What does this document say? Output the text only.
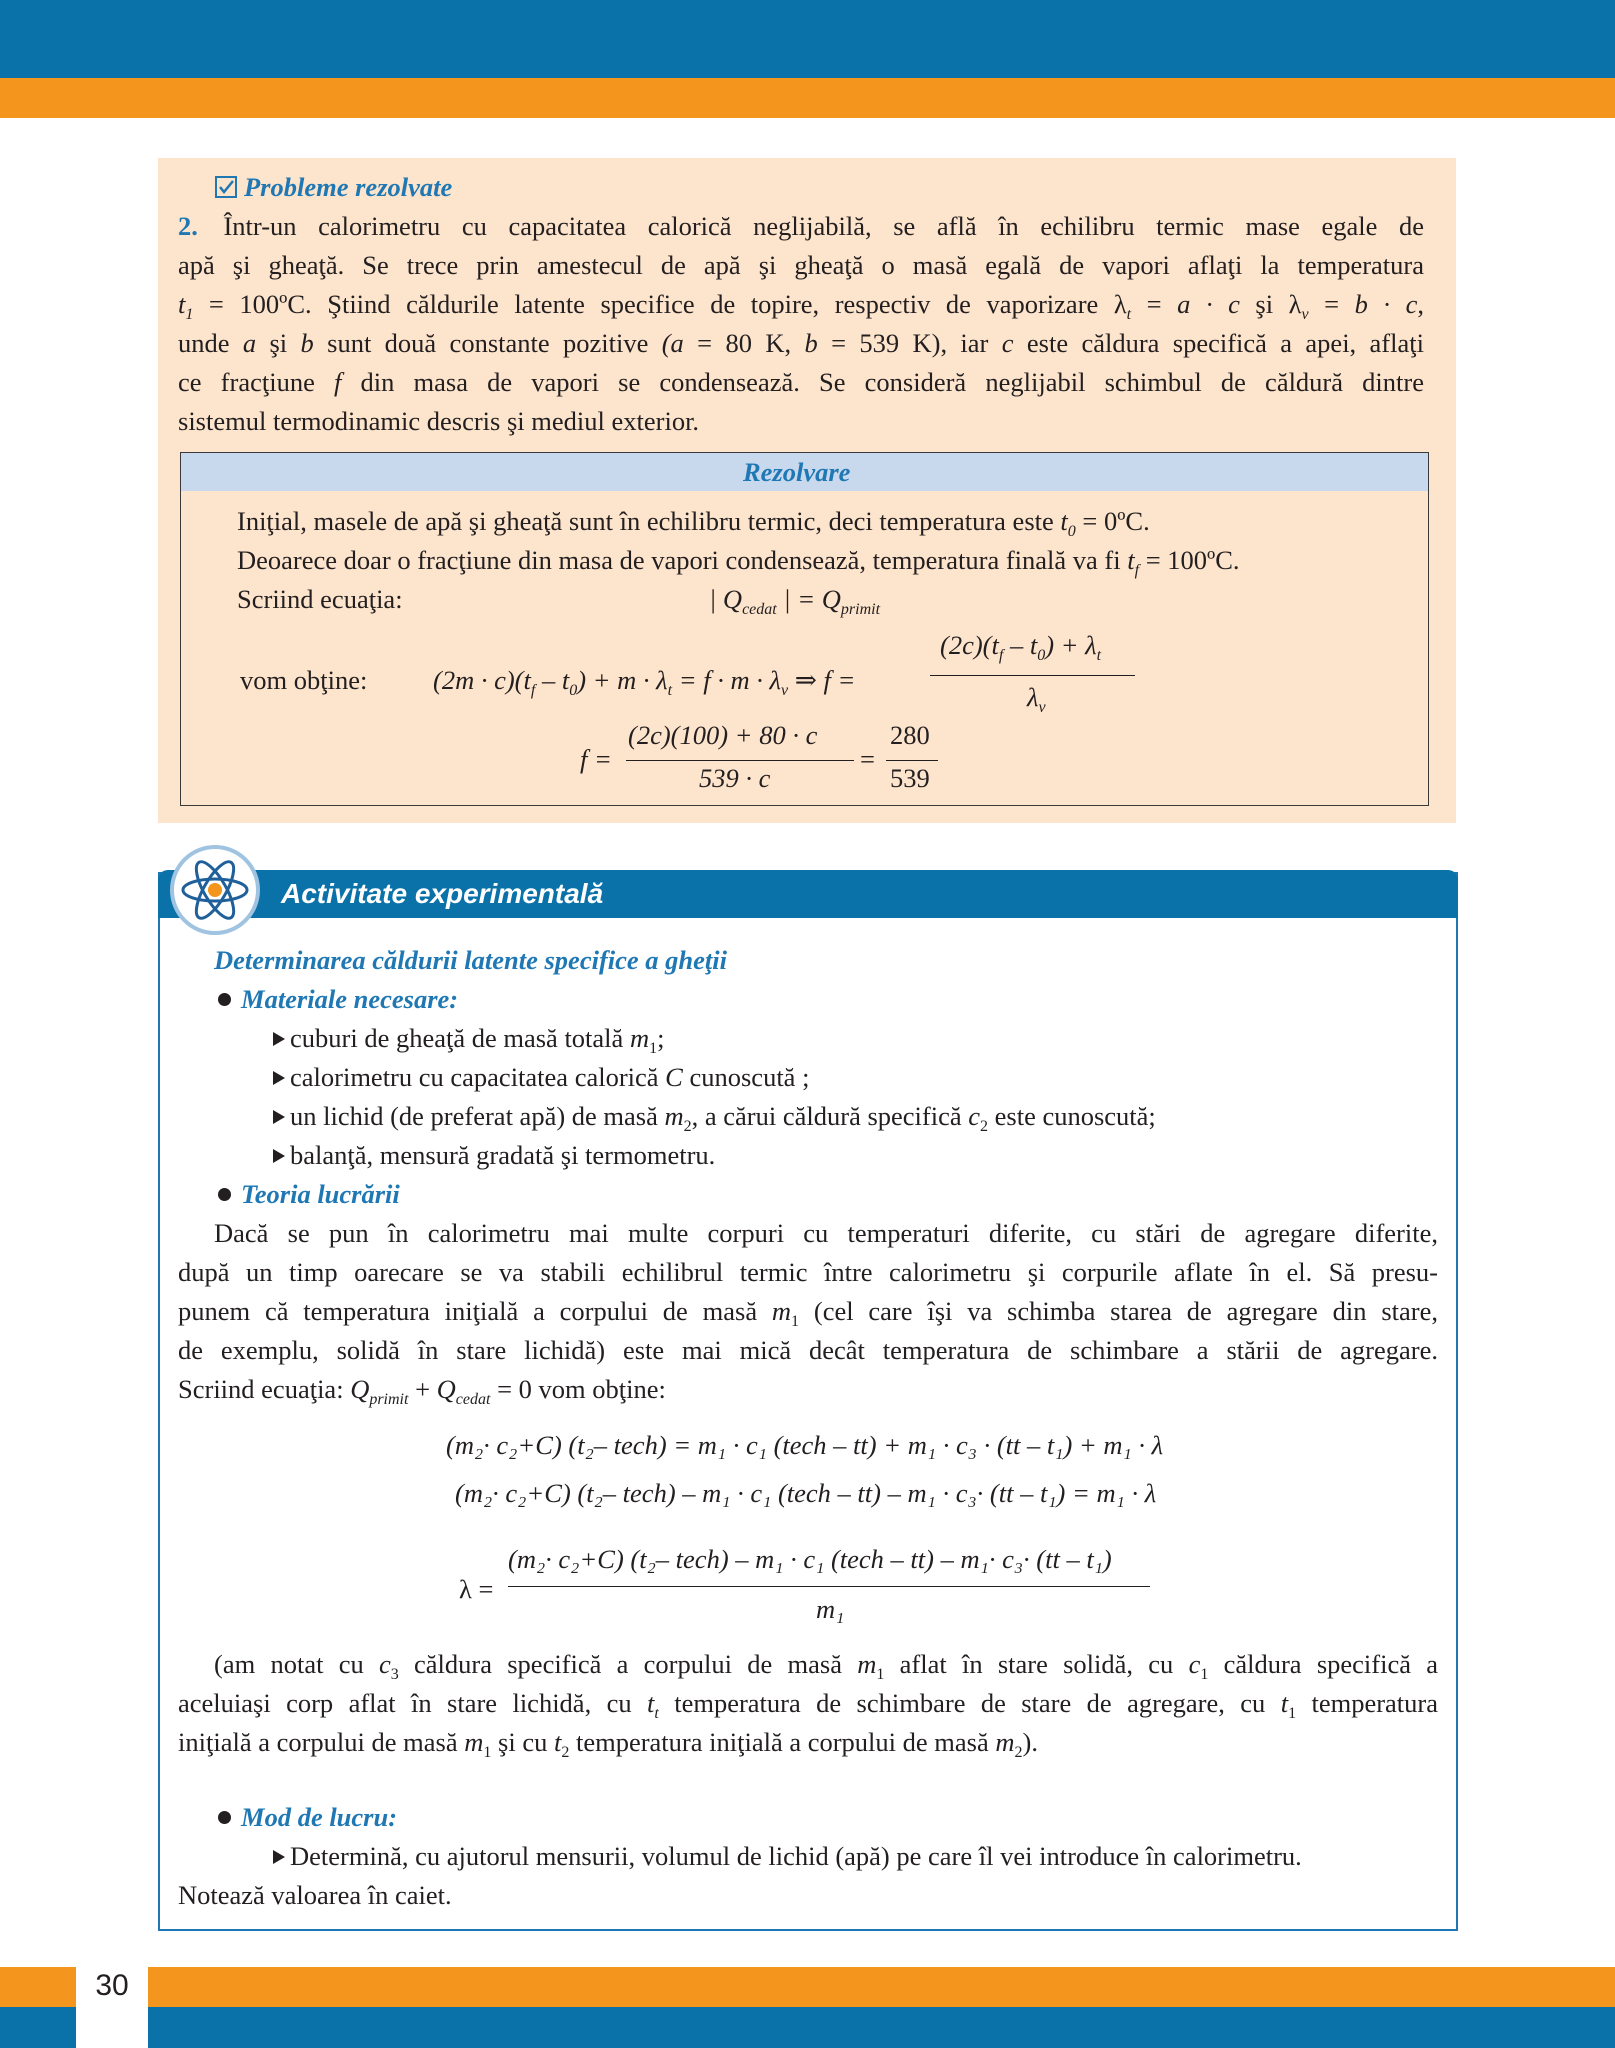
30
Probleme rezolvate
2. Într-un calorimetru cu capacitatea calorică neglijabilă, se află în echilibru termic mase egale de
apă şi gheaţă. Se trece prin amestecul de apă şi gheaţă o masă egală de vapori aflaţi la temperatura
$t_1$ = 100ºC. Ştiind căldurile latente specifice de topire, respectiv de vaporizare $\lambda_t = a \cdot c$ şi $\lambda_v = b \cdot c$,
unde a şi b sunt două constante pozitive (a = 80 K, b = 539 K), iar c este căldura specifică a apei, aflaţi
ce fracţiune f din masa de vapori se condensează. Se consideră neglijabil schimbul de căldură dintre
sistemul termodinamic descris şi mediul exterior.
Rezolvare
Iniţial, masele de apă şi gheaţă sunt în echilibru termic, deci temperatura este $t_0$ = 0ºC.
Deoarece doar o fracţiune din masa de vapori condensează, temperatura finală va fi $t_f$ = 100ºC.
Scriind ecuaţia:	| $Q_{cedat}$ | = $Q_{primit}$
vom obţine: $(2m \cdot c)(t_f - t_0) + m \cdot \lambda_t = f \cdot m \cdot \lambda_v$ ⇒ f =
$(2c)(t_f - t_0) + \lambda_t$
$\lambda_v$
f =
(2c)(100) + 80 · c
539 · c
=
280
539
Activitate experimentală
Determinarea căldurii latente specifice a gheţii
Materiale necesare:
cuburi de gheaţă de masă totală $m_1$;
calorimetru cu capacitatea calorică C cunoscută ;
un lichid (de preferat apă) de masă $m_2$, a cărui căldură specifică $c_2$ este cunoscută;
balanţă, mensură gradată şi termometru.
Teoria lucrării
Dacă se pun în calorimetru mai multe corpuri cu temperaturi diferite, cu stări de agregare diferite,
după un timp oarecare se va stabili echilibrul termic între calorimetru şi corpurile aflate în el. Să presu-
punem că temperatura iniţială a corpului de masă $m_1$ (cel care îşi va schimba starea de agregare din stare,
de exemplu, solidă în stare lichidă) este mai mică decât temperatura de schimbare a stării de agregare.
Scriind ecuaţia: $Q_{primit} + Q_{cedat} = 0$ vom obţine:
(m₂· c₂+C) (t₂– tech) = m₁ · c₁ (tech – tt) + m₁ · c₃ · (tt – t₁) + m₁ · λ
(m₂· c₂+C) (t₂– tech) – m₁ · c₁ (tech – tt) – m₁ · c₃· (tt – t₁) = m₁ · λ
λ =
(m₂· c₂+C) (t₂– tech) – m₁ · c₁ (tech – tt) – m₁· c₃· (tt – t₁)
m₁
(am notat cu $c_3$ căldura specifică a corpului de masă $m_1$ aflat în stare solidă, cu $c_1$ căldura specifică a
aceluiaşi corp aflat în stare lichidă, cu $t_t$ temperatura de schimbare de stare de agregare, cu $t_1$ temperatura
iniţială a corpului de masă $m_1$ şi cu $t_2$ temperatura iniţială a corpului de masă $m_2$).
Mod de lucru:
Determină, cu ajutorul mensurii, volumul de lichid (apă) pe care îl vei introduce în calorimetru.
Notează valoarea în caiet.
